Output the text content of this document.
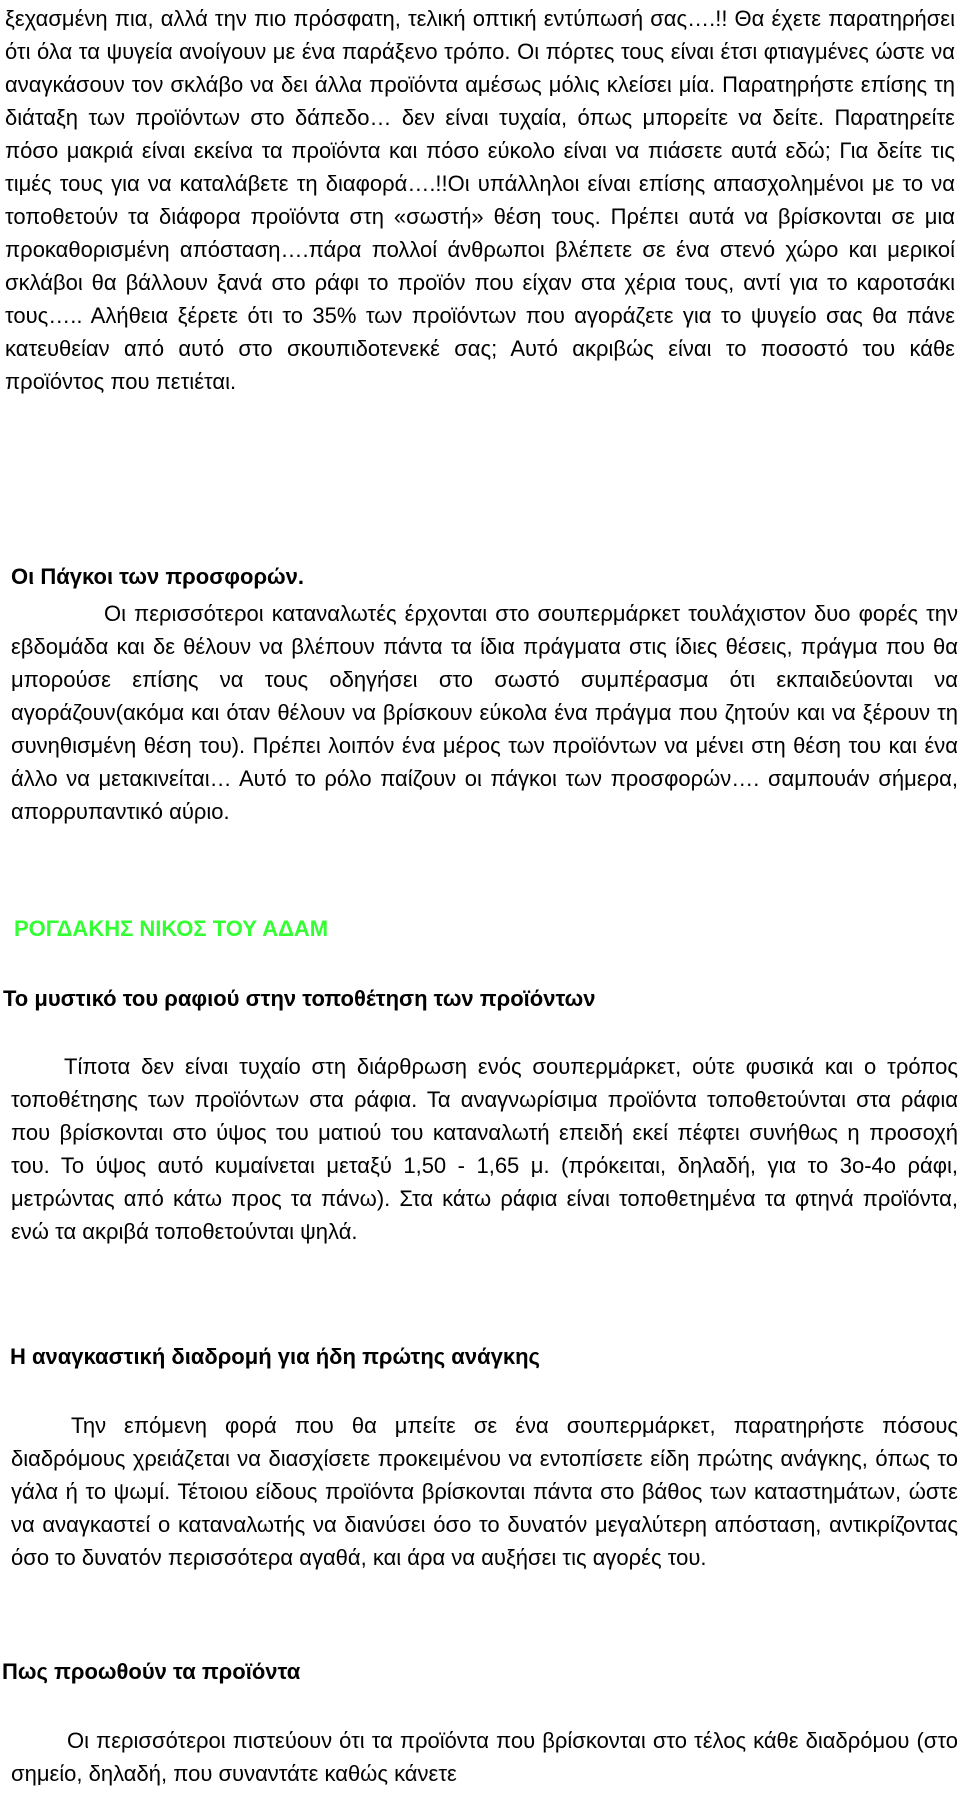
ξεχασμένη πια, αλλά την πιο πρόσφατη, τελική οπτική εντύπωσή σας….!! Θα έχετε παρατηρήσει ότι όλα τα ψυγεία ανοίγουν με ένα παράξενο τρόπο. Οι πόρτες τους είναι έτσι φτιαγμένες ώστε να αναγκάσουν τον σκλάβο να δει άλλα προϊόντα αμέσως μόλις κλείσει μία. Παρατηρήστε επίσης τη διάταξη των προϊόντων στο δάπεδο… δεν είναι τυχαία, όπως μπορείτε να δείτε. Παρατηρείτε πόσο μακριά είναι εκείνα τα προϊόντα και πόσο εύκολο είναι να πιάσετε αυτά εδώ; Για δείτε τις τιμές τους για να καταλάβετε τη διαφορά….!!Οι υπάλληλοι είναι επίσης απασχολημένοι με το να τοποθετούν τα διάφορα προϊόντα στη «σωστή» θέση τους. Πρέπει αυτά να βρίσκονται σε μια προκαθορισμένη απόσταση….πάρα πολλοί άνθρωποι βλέπετε σε ένα στενό χώρο και μερικοί σκλάβοι θα βάλλουν ξανά στο ράφι το προϊόν που είχαν στα χέρια τους, αντί για το καροτσάκι τους….. Αλήθεια ξέρετε ότι το 35% των προϊόντων που αγοράζετε για το ψυγείο σας θα πάνε κατευθείαν από αυτό στο σκουπιδοτενεκέ σας; Αυτό ακριβώς είναι το ποσοστό του κάθε προϊόντος που πετιέται.

Οι Πάγκοι των προσφορών.

Οι περισσότεροι καταναλωτές έρχονται στο σουπερμάρκετ τουλάχιστον δυο φορές την εβδομάδα και δε θέλουν να βλέπουν πάντα τα ίδια πράγματα στις ίδιες θέσεις, πράγμα που θα μπορούσε επίσης να τους οδηγήσει στο σωστό συμπέρασμα ότι εκπαιδεύονται να αγοράζουν(ακόμα και όταν θέλουν να βρίσκουν εύκολα ένα πράγμα που ζητούν και να ξέρουν τη συνηθισμένη θέση του). Πρέπει λοιπόν ένα μέρος των προϊόντων να μένει στη θέση του και ένα άλλο να μετακινείται… Αυτό το ρόλο παίζουν οι πάγκοι των προσφορών…. σαμπουάν σήμερα, απορρυπαντικό αύριο.

ΡΟΓΔΑΚΗΣ ΝΙΚΟΣ ΤΟΥ ΑΔΑΜ
Το μυστικό του ραφιού στην τοποθέτηση των προϊόντων

Τίποτα δεν είναι τυχαίο στη διάρθρωση ενός σουπερμάρκετ, ούτε φυσικά και ο τρόπος τοποθέτησης των προϊόντων στα ράφια. Τα αναγνωρίσιμα προϊόντα τοποθετούνται στα ράφια που βρίσκονται στο ύψος του ματιού του καταναλωτή επειδή εκεί πέφτει συνήθως η προσοχή του. Το ύψος αυτό κυμαίνεται μεταξύ 1,50 - 1,65 μ. (πρόκειται, δηλαδή, για το 3ο-4ο ράφι, μετρώντας από κάτω προς τα πάνω). Στα κάτω ράφια είναι τοποθετημένα τα φτηνά προϊόντα, ενώ τα ακριβά τοποθετούνται ψηλά.

Η αναγκαστική διαδρομή για ήδη πρώτης ανάγκης

Την επόμενη φορά που θα μπείτε σε ένα σουπερμάρκετ, παρατηρήστε πόσους διαδρόμους χρειάζεται να διασχίσετε προκειμένου να εντοπίσετε είδη πρώτης ανάγκης, όπως το γάλα ή το ψωμί. Τέτοιου είδους προϊόντα βρίσκονται πάντα στο βάθος των καταστημάτων, ώστε να αναγκαστεί ο καταναλωτής να διανύσει όσο το δυνατόν μεγαλύτερη απόσταση, αντικρίζοντας όσο το δυνατόν περισσότερα αγαθά, και άρα να αυξήσει τις αγορές του.

Πως προωθούν τα προϊόντα

Οι περισσότεροι πιστεύουν ότι τα προϊόντα που βρίσκονται στο τέλος κάθε διαδρόμου (στο σημείο, δηλαδή, που συναντάτε καθώς κάνετε
